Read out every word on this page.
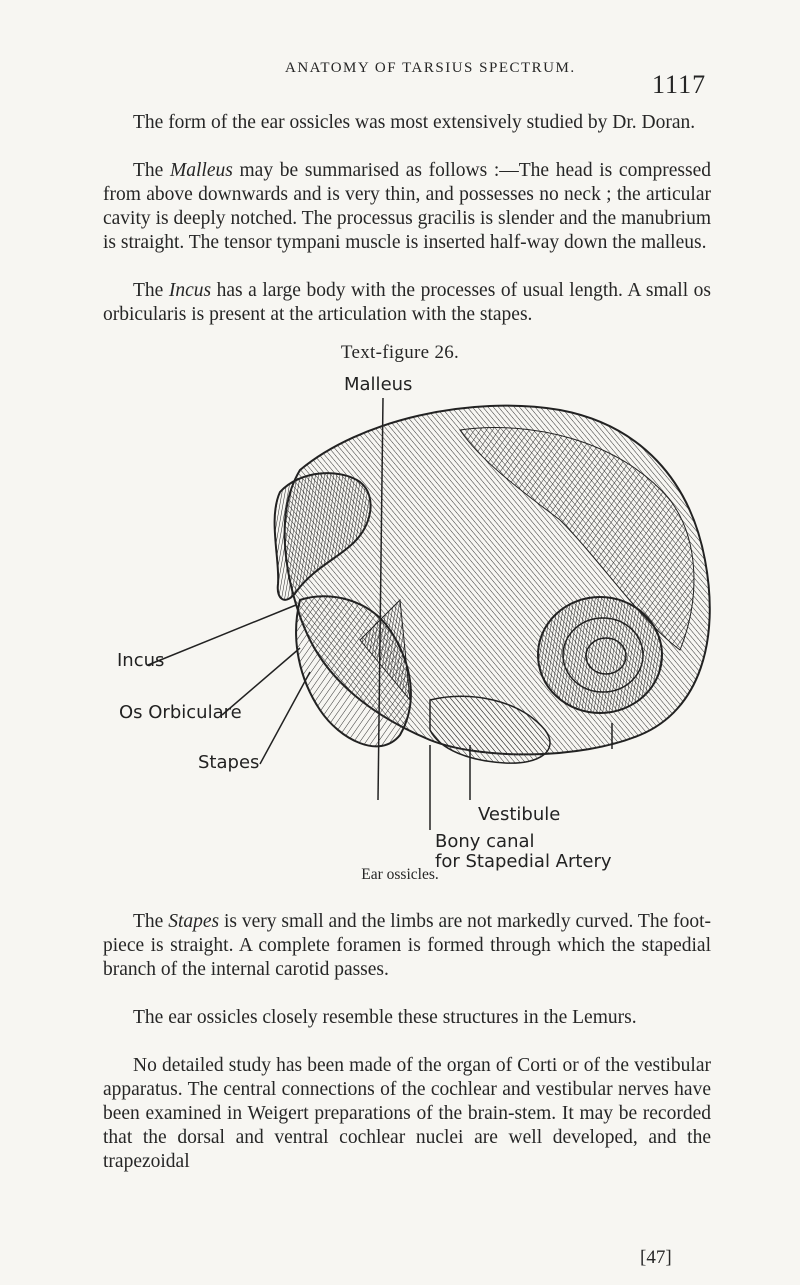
ANATOMY OF TARSIUS SPECTRUM.
1117

The form of the ear ossicles was most extensively studied by Dr. Doran.

The Malleus may be summarised as follows :—The head is compressed from above downwards and is very thin, and possesses no neck ; the articular cavity is deeply notched. The processus gracilis is slender and the manubrium is straight. The tensor tympani muscle is inserted half-way down the malleus.

The Incus has a large body with the processes of usual length. A small os orbicularis is present at the articulation with the stapes.

Text-figure 26.
Malleus
Incus
Os Orbiculare
Stapes
Vestibule
Bony canal
for Stapedial Artery
Ear ossicles.

The Stapes is very small and the limbs are not markedly curved. The foot-piece is straight. A complete foramen is formed through which the stapedial branch of the internal carotid passes.

The ear ossicles closely resemble these structures in the Lemurs.

No detailed study has been made of the organ of Corti or of the vestibular apparatus. The central connections of the cochlear and vestibular nerves have been examined in Weigert preparations of the brain-stem. It may be recorded that the dorsal and ventral cochlear nuclei are well developed, and the trapezoidal

[47]
